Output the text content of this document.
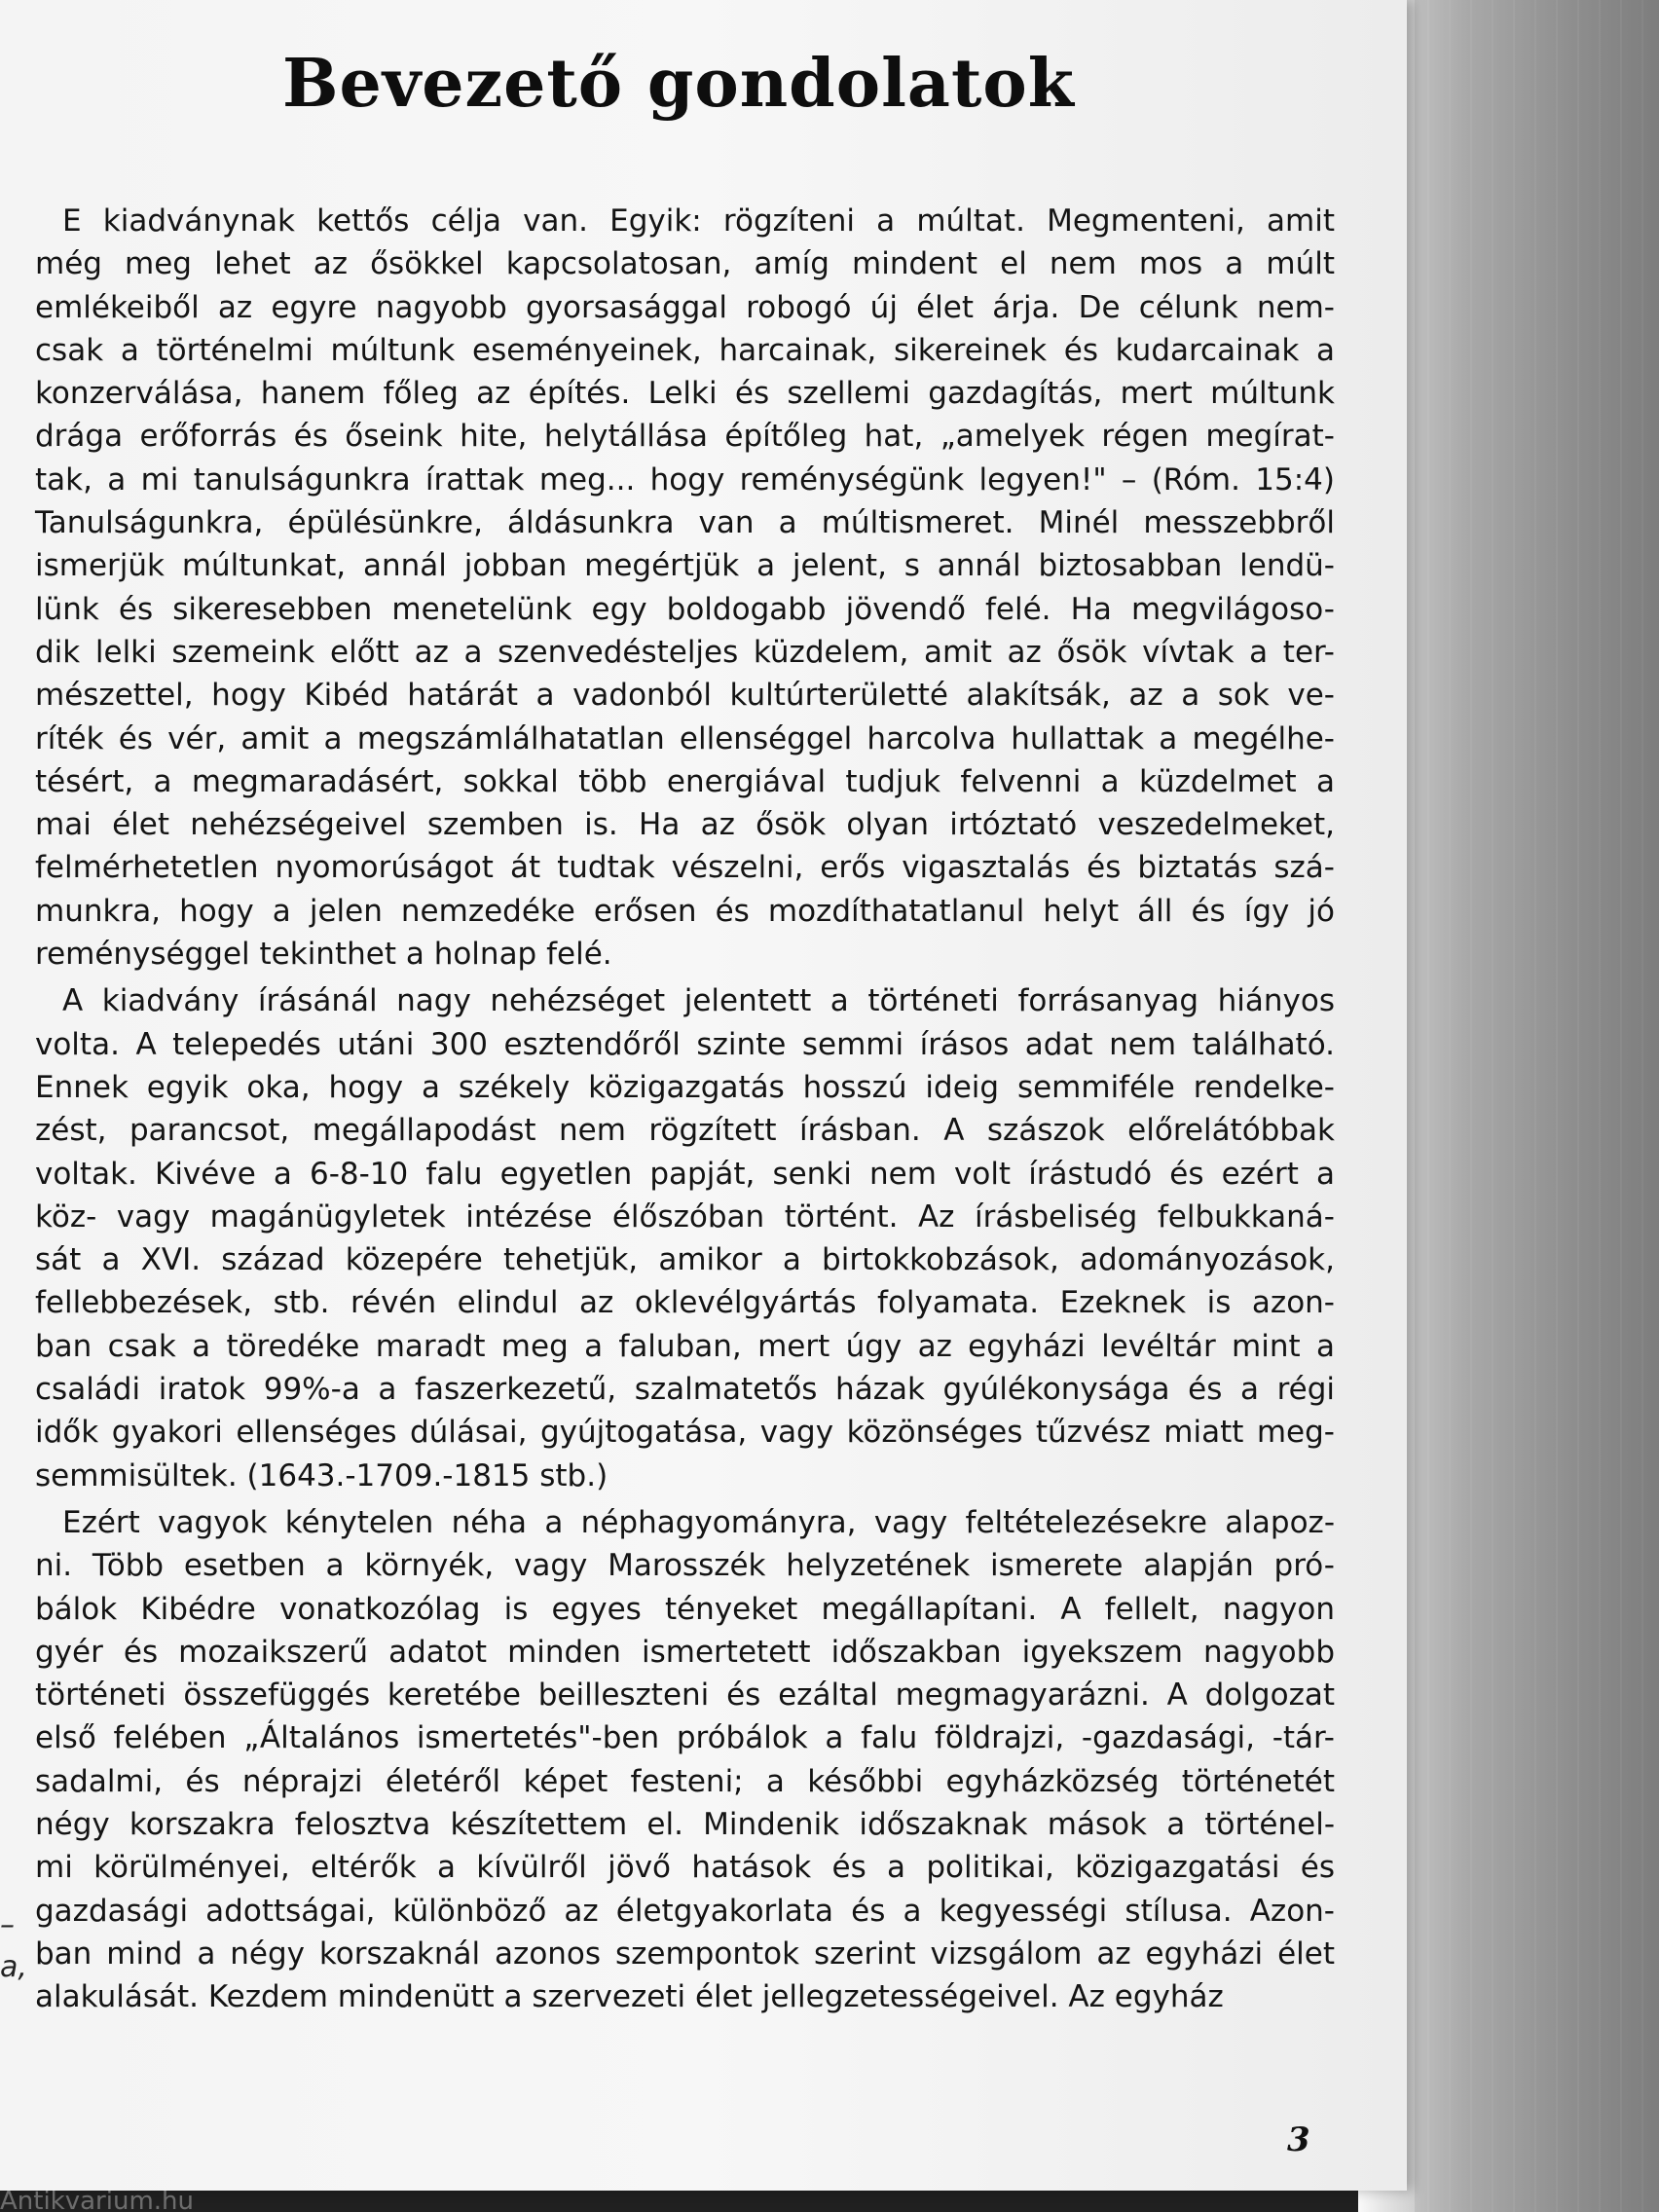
Bevezető gondolatok
E kiadványnak kettős célja van. Egyik: rögzíteni a múltat. Megmenteni, amit
még meg lehet az ősökkel kapcsolatosan, amíg mindent el nem mos a múlt
emlékeiből az egyre nagyobb gyorsasággal robogó új élet árja. De célunk nem-
csak a történelmi múltunk eseményeinek, harcainak, sikereinek és kudarcainak a
konzerválása, hanem főleg az építés. Lelki és szellemi gazdagítás, mert múltunk
drága erőforrás és őseink hite, helytállása építőleg hat, „amelyek régen megírat-
tak, a mi tanulságunkra írattak meg... hogy reménységünk legyen!" – (Róm. 15:4)
Tanulságunkra, épülésünkre, áldásunkra van a múltismeret. Minél messzebbről
ismerjük múltunkat, annál jobban megértjük a jelent, s annál biztosabban lendü-
lünk és sikeresebben menetelünk egy boldogabb jövendő felé. Ha megvilágoso-
dik lelki szemeink előtt az a szenvedésteljes küzdelem, amit az ősök vívtak a ter-
mészettel, hogy Kibéd határát a vadonból kultúrterületté alakítsák, az a sok ve-
ríték és vér, amit a megszámlálhatatlan ellenséggel harcolva hullattak a megélhe-
tésért, a megmaradásért, sokkal több energiával tudjuk felvenni a küzdelmet a
mai élet nehézségeivel szemben is. Ha az ősök olyan irtóztató veszedelmeket,
felmérhetetlen nyomorúságot át tudtak vészelni, erős vigasztalás és biztatás szá-
munkra, hogy a jelen nemzedéke erősen és mozdíthatatlanul helyt áll és így jó
reménységgel tekinthet a holnap felé.
A kiadvány írásánál nagy nehézséget jelentett a történeti forrásanyag hiányos
volta. A telepedés utáni 300 esztendőről szinte semmi írásos adat nem található.
Ennek egyik oka, hogy a székely közigazgatás hosszú ideig semmiféle rendelke-
zést, parancsot, megállapodást nem rögzített írásban. A szászok előrelátóbbak
voltak. Kivéve a 6-8-10 falu egyetlen papját, senki nem volt írástudó és ezért a
köz- vagy magánügyletek intézése élőszóban történt. Az írásbeliség felbukkaná-
sát a XVI. század közepére tehetjük, amikor a birtokkobzások, adományozások,
fellebbezések, stb. révén elindul az oklevélgyártás folyamata. Ezeknek is azon-
ban csak a töredéke maradt meg a faluban, mert úgy az egyházi levéltár mint a
családi iratok 99%-a a faszerkezetű, szalmatetős házak gyúlékonysága és a régi
idők gyakori ellenséges dúlásai, gyújtogatása, vagy közönséges tűzvész miatt meg-
semmisültek. (1643.-1709.-1815 stb.)
Ezért vagyok kénytelen néha a néphagyományra, vagy feltételezésekre alapoz-
ni. Több esetben a környék, vagy Marosszék helyzetének ismerete alapján pró-
bálok Kibédre vonatkozólag is egyes tényeket megállapítani. A fellelt, nagyon
gyér és mozaikszerű adatot minden ismertetett időszakban igyekszem nagyobb
történeti összefüggés keretébe beilleszteni és ezáltal megmagyarázni. A dolgozat
első felében „Általános ismertetés"-ben próbálok a falu földrajzi, -gazdasági, -tár-
sadalmi, és néprajzi életéről képet festeni; a későbbi egyházközség történetét
négy korszakra felosztva készítettem el. Mindenik időszaknak mások a történel-
mi körülményei, eltérők a kívülről jövő hatások és a politikai, közigazgatási és
gazdasági adottságai, különböző az életgyakorlata és a kegyességi stílusa. Azon-
ban mind a négy korszaknál azonos szempontok szerint vizsgálom az egyházi élet
alakulását. Kezdem mindenütt a szervezeti élet jellegzetességeivel. Az egyház
–
a,
3
Antikvarium.hu
